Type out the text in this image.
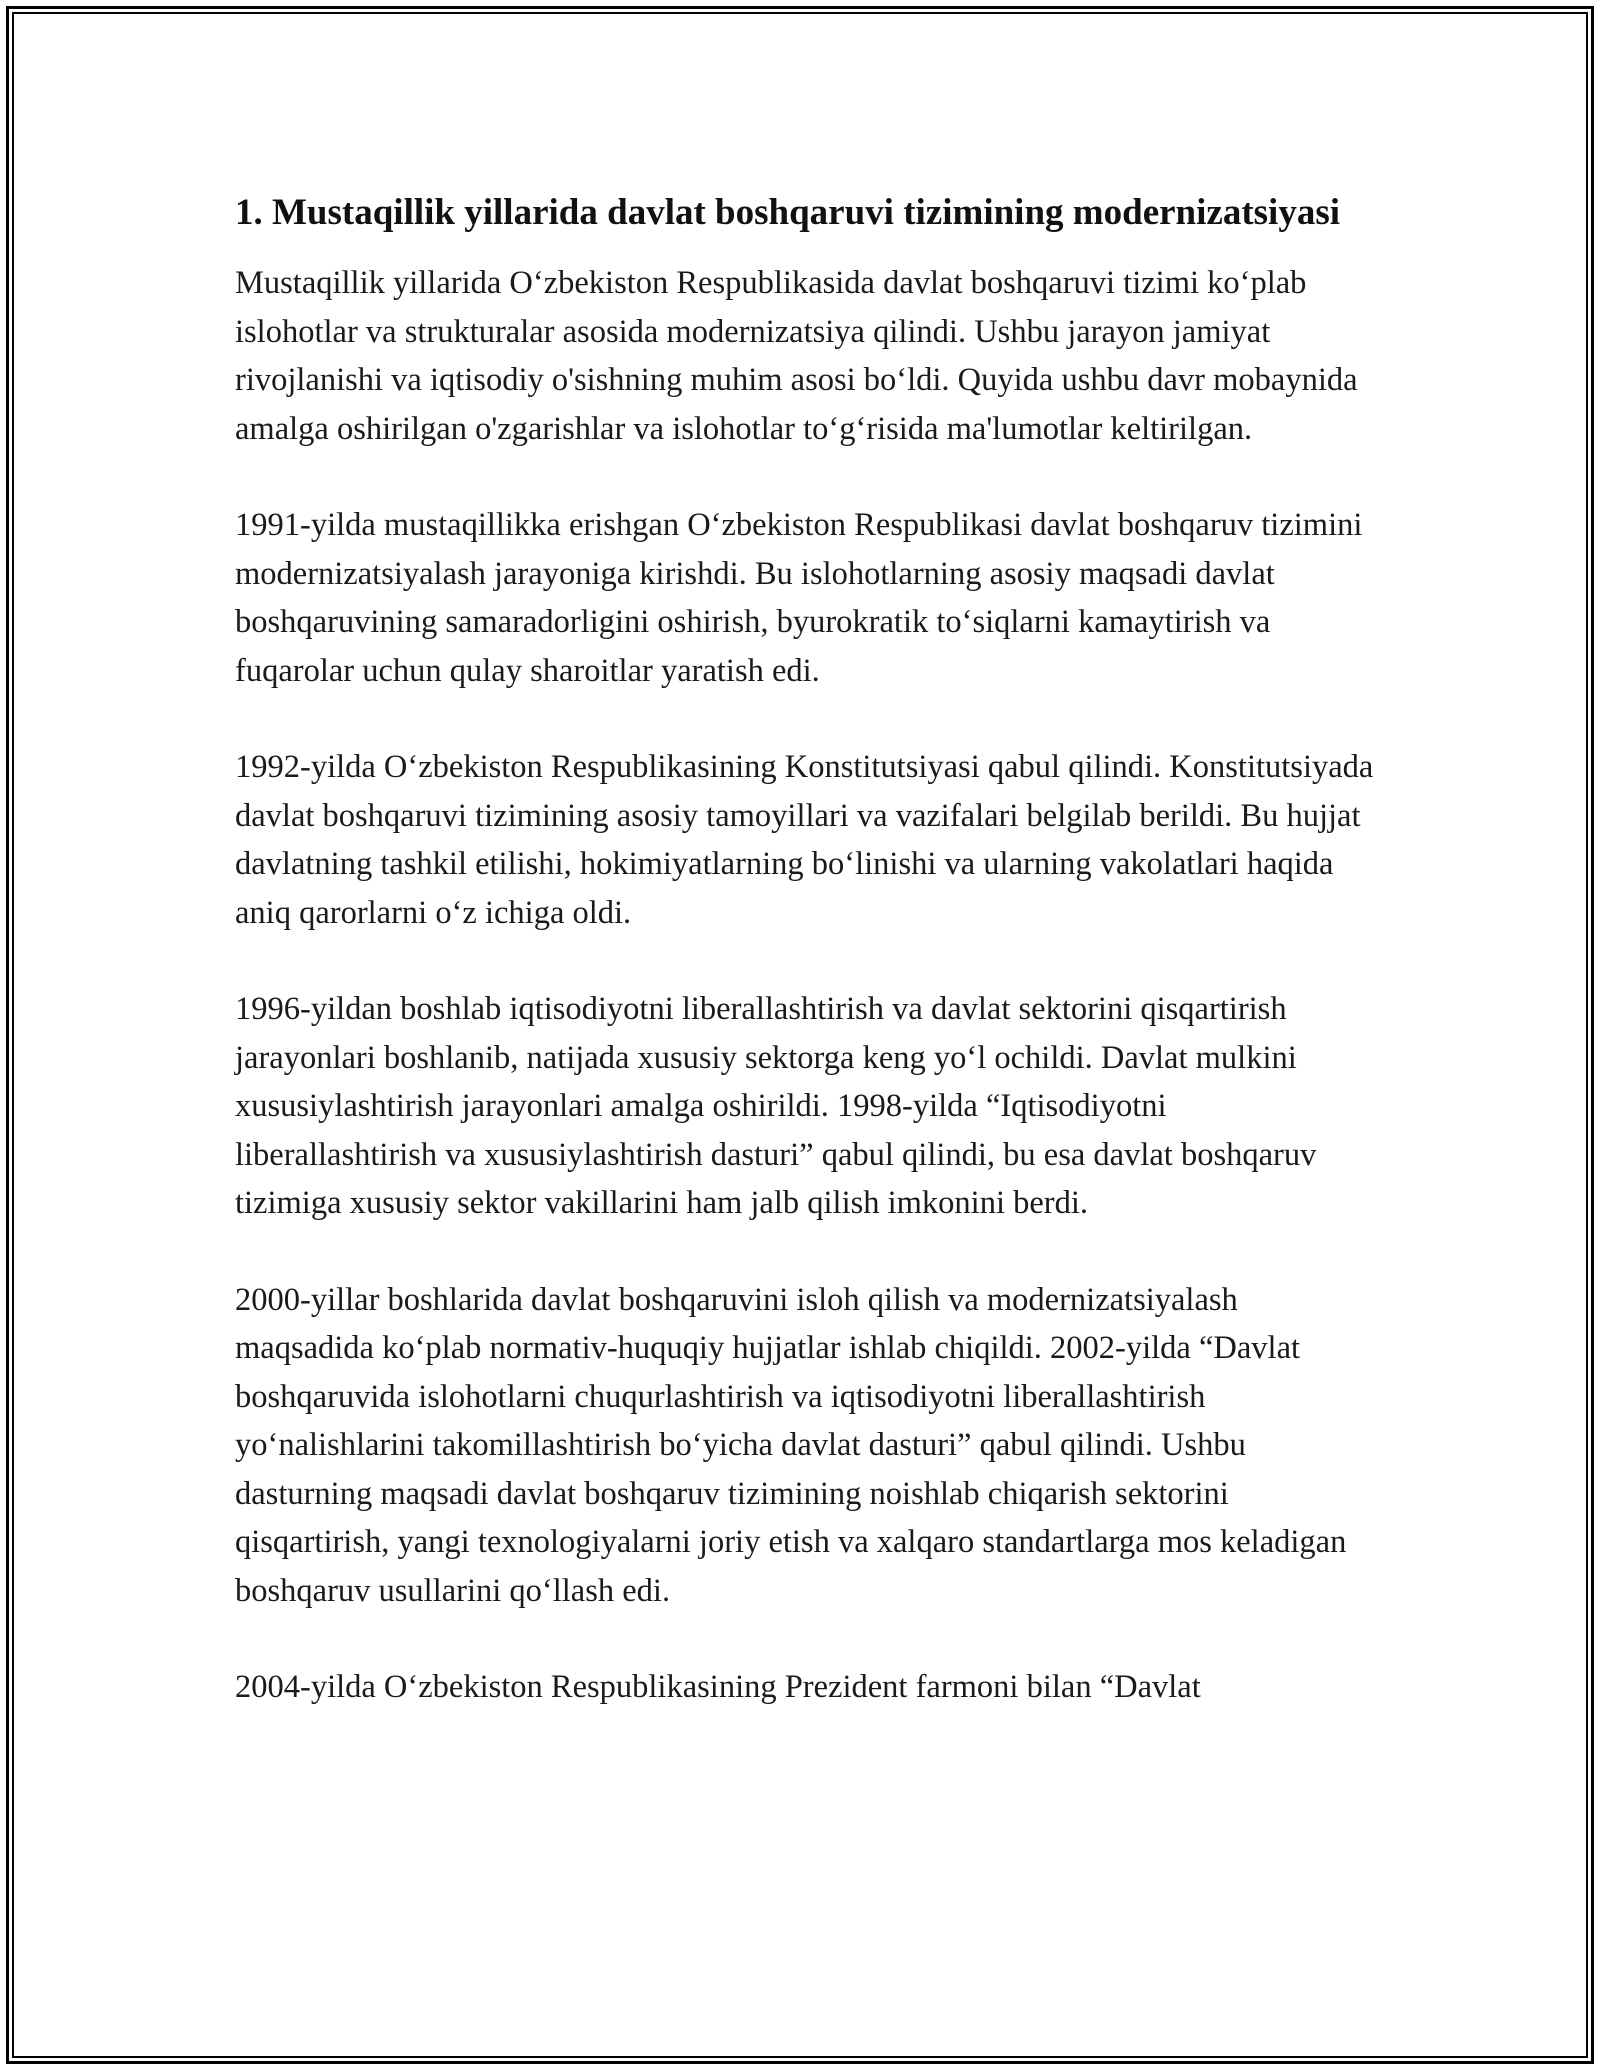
1. Mustaqillik yillarida davlat boshqaruvi tizimining modernizatsiyasi

Mustaqillik yillarida O‘zbekiston Respublikasida davlat boshqaruvi tizimi ko‘plab islohotlar va strukturalar asosida modernizatsiya qilindi. Ushbu jarayon jamiyat rivojlanishi va iqtisodiy o'sishning muhim asosi bo‘ldi. Quyida ushbu davr mobaynida amalga oshirilgan o'zgarishlar va islohotlar to‘g‘risida ma'lumotlar keltirilgan.

1991-yilda mustaqillikka erishgan O‘zbekiston Respublikasi davlat boshqaruv tizimini modernizatsiyalash jarayoniga kirishdi. Bu islohotlarning asosiy maqsadi davlat boshqaruvining samaradorligini oshirish, byurokratik to‘siqlarni kamaytirish va fuqarolar uchun qulay sharoitlar yaratish edi.

1992-yilda O‘zbekiston Respublikasining Konstitutsiyasi qabul qilindi. Konstitutsiyada davlat boshqaruvi tizimining asosiy tamoyillari va vazifalari belgilab berildi. Bu hujjat davlatning tashkil etilishi, hokimiyatlarning bo‘linishi va ularning vakolatlari haqida aniq qarorlarni o‘z ichiga oldi.

1996-yildan boshlab iqtisodiyotni liberallashtirish va davlat sektorini qisqartirish jarayonlari boshlanib, natijada xususiy sektorga keng yo‘l ochildi. Davlat mulkini xususiylashtirish jarayonlari amalga oshirildi. 1998-yilda “Iqtisodiyotni liberallashtirish va xususiylashtirish dasturi” qabul qilindi, bu esa davlat boshqaruv tizimiga xususiy sektor vakillarini ham jalb qilish imkonini berdi.

2000-yillar boshlarida davlat boshqaruvini isloh qilish va modernizatsiyalash maqsadida ko‘plab normativ-huquqiy hujjatlar ishlab chiqildi. 2002-yilda “Davlat boshqaruvida islohotlarni chuqurlashtirish va iqtisodiyotni liberallashtirish yo‘nalishlarini takomillashtirish bo‘yicha davlat dasturi” qabul qilindi. Ushbu dasturning maqsadi davlat boshqaruv tizimining noishlab chiqarish sektorini qisqartirish, yangi texnologiyalarni joriy etish va xalqaro standartlarga mos keladigan boshqaruv usullarini qo‘llash edi.

2004-yilda O‘zbekiston Respublikasining Prezident farmoni bilan “Davlat
